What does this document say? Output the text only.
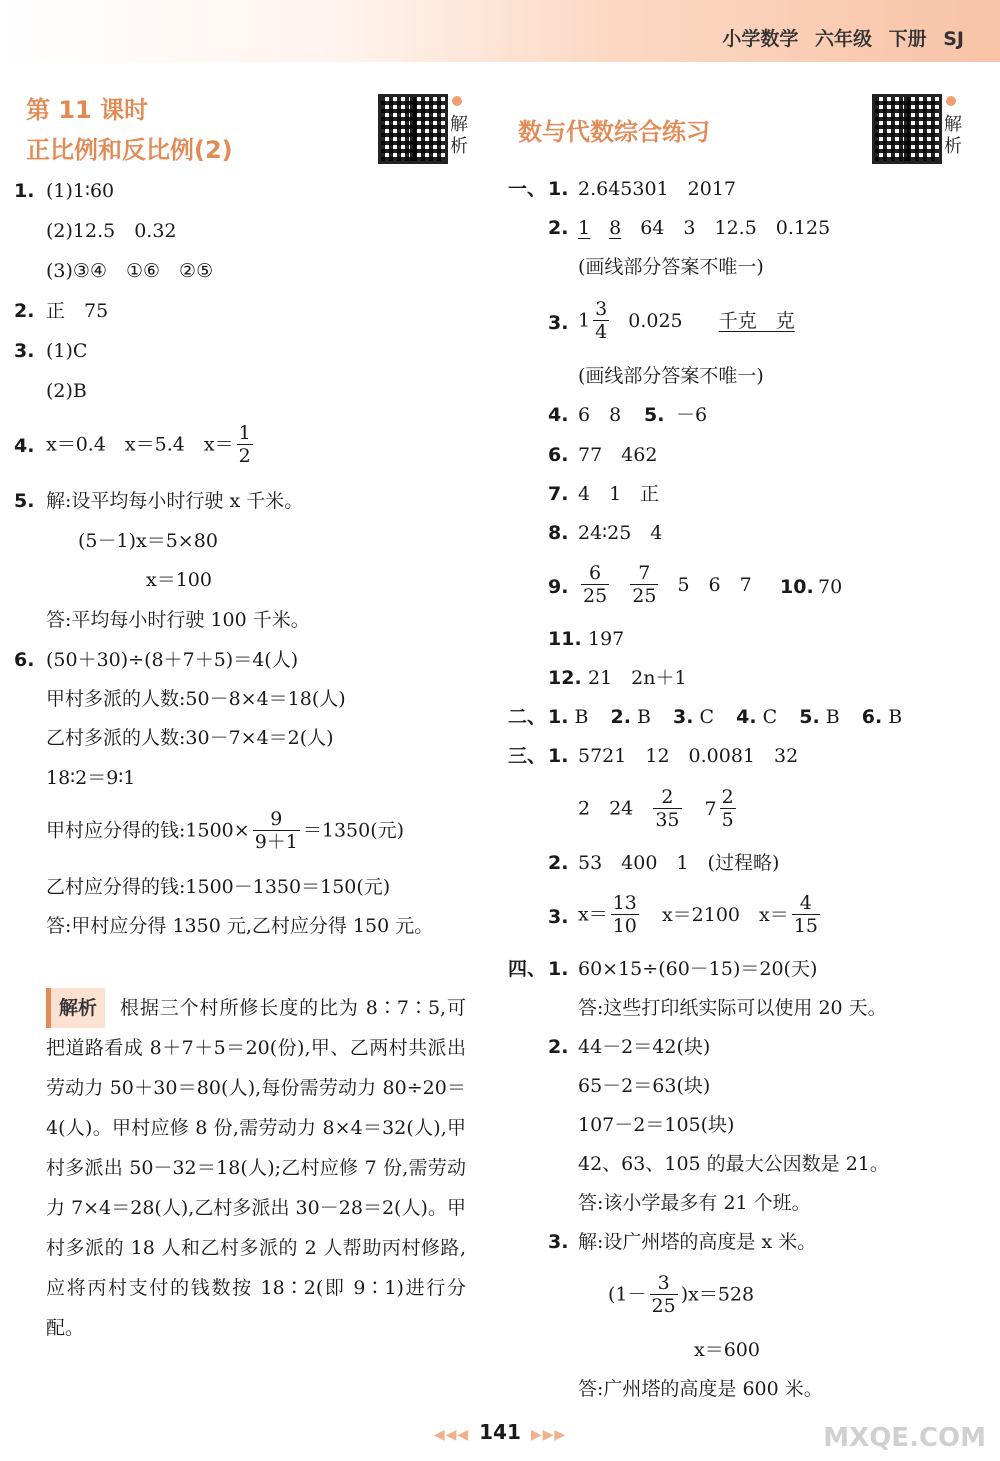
小学数学 六年级 下册 SJ
第 11 课时
正比例和反比例(2)
解析
1. (1)1∶60
(2)12.5　0.32
(3)③④　①⑥　②⑤
2. 正　75
3. (1)C
(2)B
4. x＝0.4　x＝5.4　$x= \frac{1}{2}$
5. 解:设平均每小时行驶 x 千米。
(5－1)x＝5×80
x＝100
答:平均每小时行驶 100 千米。
6. (50＋30)÷(8＋7＋5)＝4(人)
甲村多派的人数:50－8×4＝18(人)
乙村多派的人数:30－7×4＝2(人)
18∶2＝9∶1
甲村应分得的钱:1500× $\frac{9}{9+1} =1350$(元)
乙村应分得的钱:1500－1350＝150(元)
答:甲村应分得 1350 元,乙村应分得 150 元。
解析 根据三个村所修长度的比为 8∶7∶5,可把道路看成 8＋7＋5＝20(份),甲、乙两村共派出劳动力 50＋30＝80(人),每份需劳动力 80÷20＝4(人)。甲村应修 8 份,需劳动力 8×4＝32(人),甲村多派出 50－32＝18(人);乙村应修 7 份,需劳动力 7×4＝28(人),乙村多派出 30－28＝2(人)。甲村多派的 18 人和乙村多派的 2 人帮助丙村修路,应将丙村支付的钱数按 18∶2(即 9∶1)进行分配。
数与代数综合练习	解析
一、 1. 2.645301　2017
2. 1　 8　 64　3　12.5　0.125
(画线部分答案不唯一)
3. $1 \frac{3}{4} 0.025$ 千克　克
(画线部分答案不唯一)
4. 6　8 5. －6
6. 77　462
7. 4　1　正
8. 24∶25　4
9. $\frac{6}{25}$
$\frac{7}{25} 5$　6　7 10. 70
11. 197
12. 21　2n＋1
二、 1. B 2. B 3. C 4. C 5. B 6. B
三、 1. 5721　12　0.0081　32
2　$24 \frac{2}{35} 7 \frac{2}{5}$
2. 53　400　1　(过程略)
3. $x= \frac{13}{10} x=2100$　$x= \frac{4}{15}$
四、 1. 60×15÷(60－15)＝20(天)
答:这些打印纸实际可以使用 20 天。
2. 44－2＝42(块)
65－2＝63(块)
107－2＝105(块)
42、63、105 的最大公因数是 21。
答:该小学最多有 21 个班。
3. 解:设广州塔的高度是 x 米。
$(1- \frac{3}{25} )x=528$
x＝600
答:广州塔的高度是 600 米。
◀◀◀ 141 ▶▶▶	MXQE.COM
